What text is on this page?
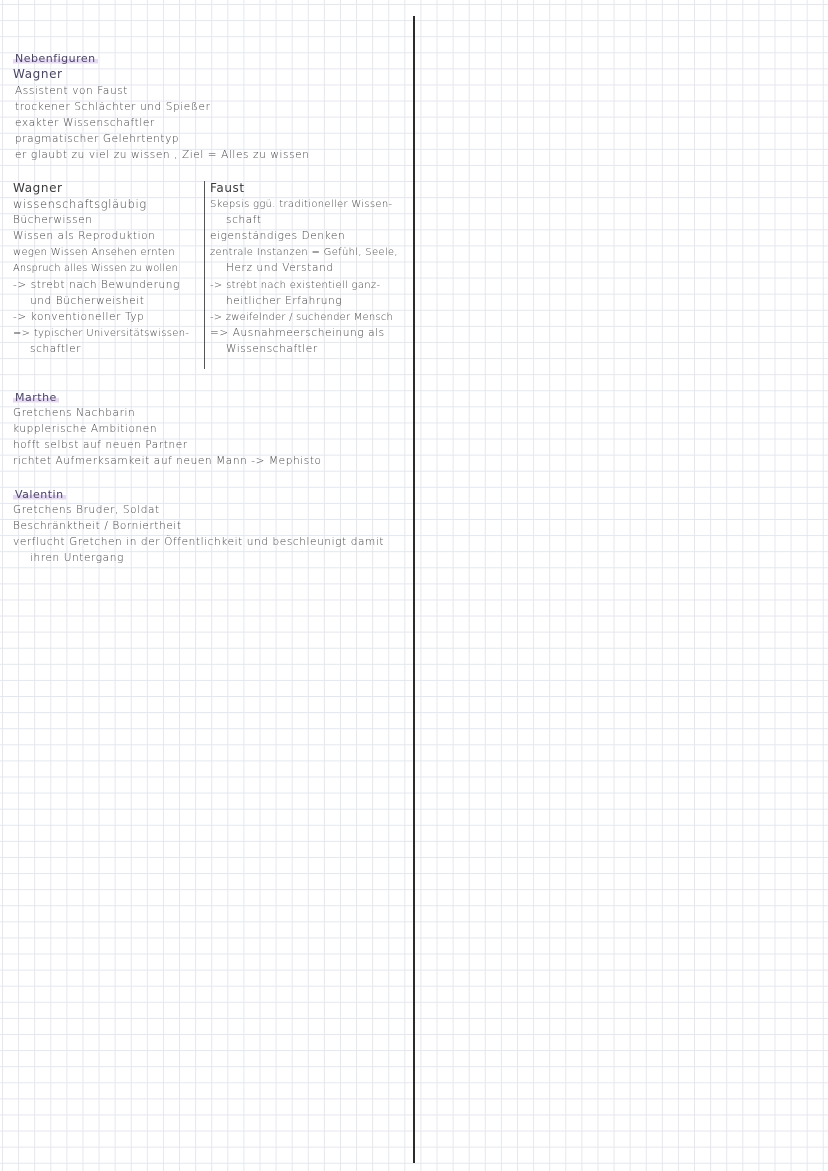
Nebenfiguren
Wagner
Assistent von Faust
trockener Schlächter und Spießer
exakter Wissenschaftler
pragmatischer Gelehrtentyp
er glaubt zu viel zu wissen , Ziel = Alles zu wissen
Wagner
wissenschaftsgläubig
Bücherwissen
Wissen als Reproduktion
wegen Wissen Ansehen ernten
Anspruch alles Wissen zu wollen
-> strebt nach Bewunderung
und Bücherweisheit
-> konventioneller Typ
=> typischer Universitätswissen-
schaftler
Faust
Skepsis ggü. traditioneller Wissen-
schaft
eigenständiges Denken
zentrale Instanzen = Gefühl, Seele,
Herz und Verstand
-> strebt nach existentiell ganz-
heitlicher Erfahrung
-> zweifelnder / suchender Mensch
=> Ausnahmeerscheinung als
Wissenschaftler
Marthe
Gretchens Nachbarin
kupplerische Ambitionen
hofft selbst auf neuen Partner
richtet Aufmerksamkeit auf neuen Mann -> Mephisto
Valentin
Gretchens Bruder, Soldat
Beschränktheit / Borniertheit
verflucht Gretchen in der Öffentlichkeit und beschleunigt damit
ihren Untergang
